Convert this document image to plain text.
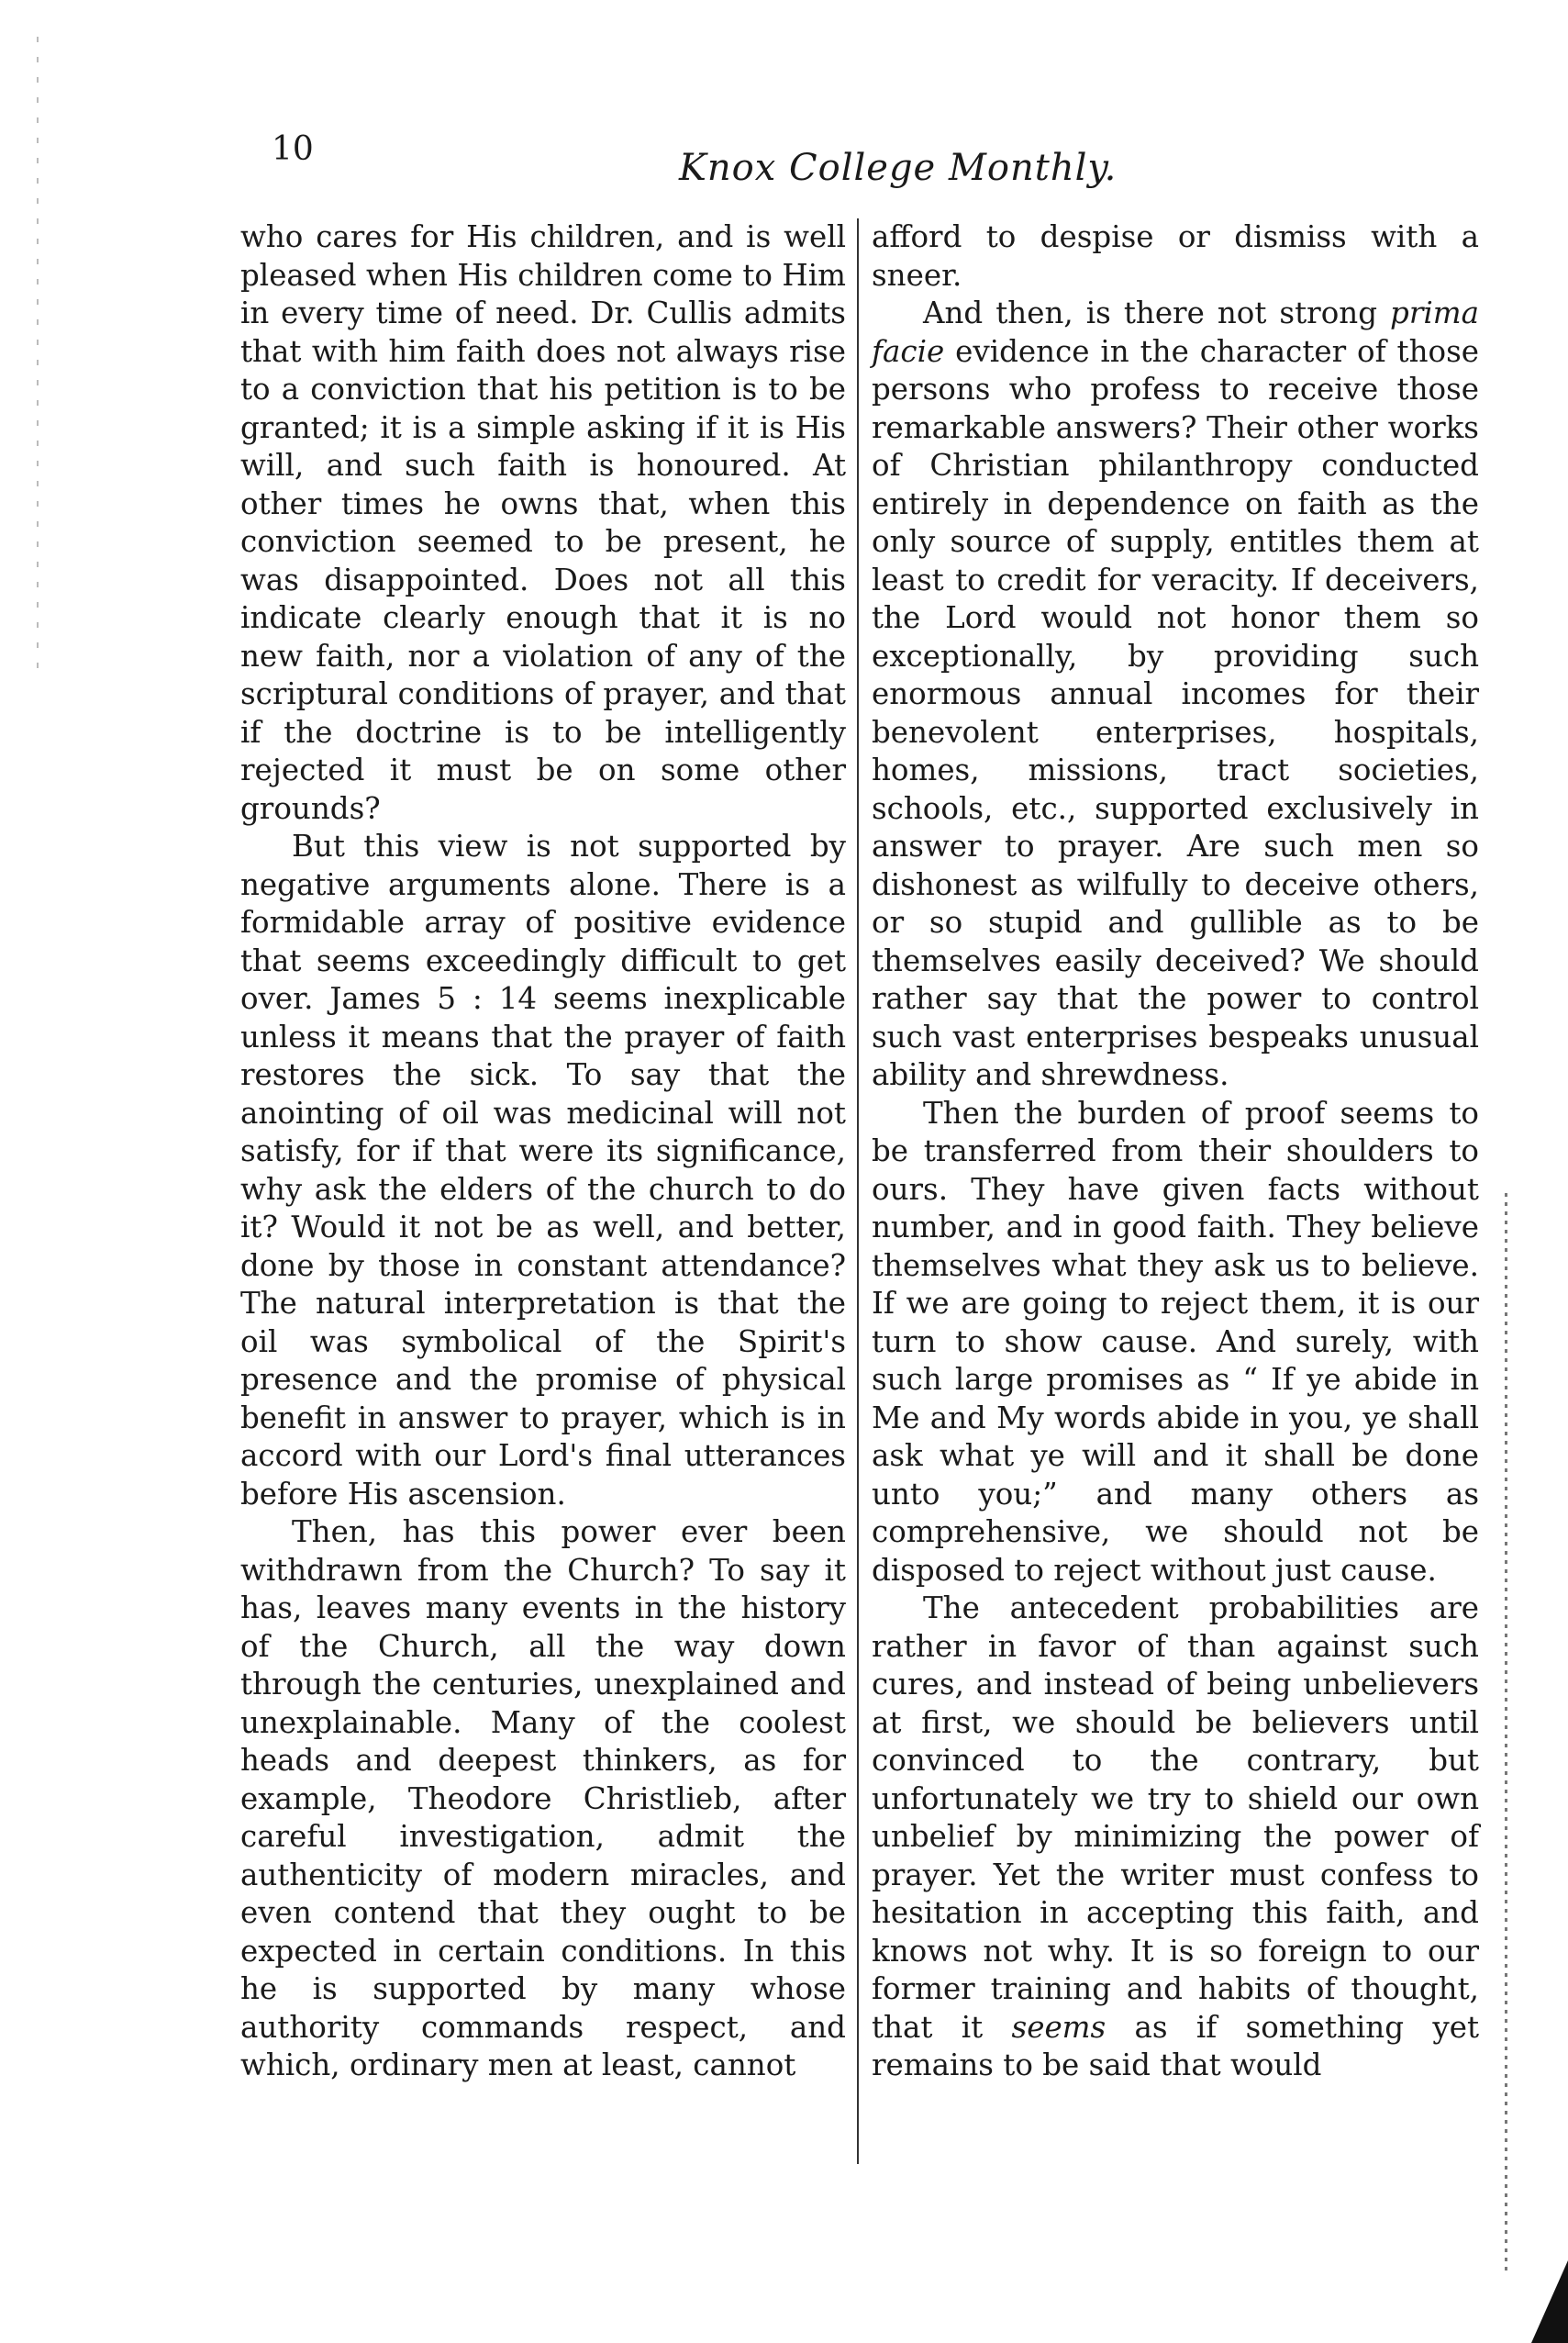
10	Knox College Monthly.

who cares for His children, and is well pleased when His children come to Him in every time of need. Dr. Cullis admits that with him faith does not always rise to a conviction that his petition is to be granted; it is a simple asking if it is His will, and such faith is honoured. At other times he owns that, when this conviction seemed to be present, he was disappointed. Does not all this indicate clearly enough that it is no new faith, nor a violation of any of the scriptural conditions of prayer, and that if the doctrine is to be intelligently rejected it must be on some other grounds?

But this view is not supported by negative arguments alone. There is a formidable array of positive evidence that seems exceedingly difficult to get over. James 5 : 14 seems inexplicable unless it means that the prayer of faith restores the sick. To say that the anointing of oil was medicinal will not satisfy, for if that were its significance, why ask the elders of the church to do it? Would it not be as well, and better, done by those in constant attendance? The natural interpretation is that the oil was symbolical of the Spirit's presence and the promise of physical benefit in answer to prayer, which is in accord with our Lord's final utterances before His ascension.

Then, has this power ever been withdrawn from the Church? To say it has, leaves many events in the history of the Church, all the way down through the centuries, unexplained and unexplainable. Many of the coolest heads and deepest thinkers, as for example, Theodore Christlieb, after careful investigation, admit the authenticity of modern miracles, and even contend that they ought to be expected in certain conditions. In this he is supported by many whose authority commands respect, and which, ordinary men at least, cannot

afford to despise or dismiss with a sneer.

And then, is there not strong prima facie evidence in the character of those persons who profess to receive those remarkable answers? Their other works of Christian philanthropy conducted entirely in dependence on faith as the only source of supply, entitles them at least to credit for veracity. If deceivers, the Lord would not honor them so exceptionally, by providing such enormous annual incomes for their benevolent enterprises, hospitals, homes, missions, tract societies, schools, etc., supported exclusively in answer to prayer. Are such men so dishonest as wilfully to deceive others, or so stupid and gullible as to be themselves easily deceived? We should rather say that the power to control such vast enterprises bespeaks unusual ability and shrewdness.

Then the burden of proof seems to be transferred from their shoulders to ours. They have given facts without number, and in good faith. They believe themselves what they ask us to believe. If we are going to reject them, it is our turn to show cause. And surely, with such large promises as “ If ye abide in Me and My words abide in you, ye shall ask what ye will and it shall be done unto you;” and many others as comprehensive, we should not be disposed to reject without just cause.

The antecedent probabilities are rather in favor of than against such cures, and instead of being unbelievers at first, we should be believers until convinced to the contrary, but unfortunately we try to shield our own unbelief by minimizing the power of prayer. Yet the writer must confess to hesitation in accepting this faith, and knows not why. It is so foreign to our former training and habits of thought, that it seems as if something yet remains to be said that would
